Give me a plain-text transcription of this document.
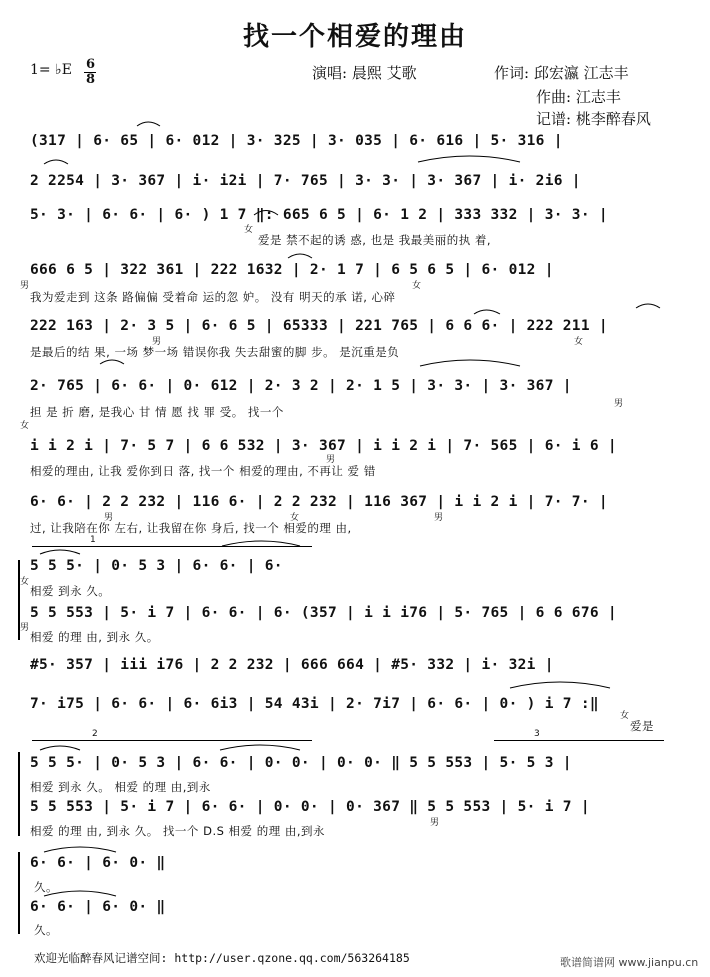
找一个相爱的理由
1= ♭E 6
8	演唱: 晨熙 艾歌	作词: 邱宏瀛 江志丰
作曲: 江志丰
记谱: 桃李醉春风
(317 | 6· 65 | 6· 012 | 3· 325 | 3· 035 | 6· 616 | 5· 316 |
2 2254 | 3· 367 | i· i2i | 7· 765 | 3· 3· | 3· 367 | i· 2i6 |
5· 3· | 6· 6· | 6· ) 1 7 ‖: 665 6 5 | 6· 1 2 | 333 332 | 3· 3· |
爱是 禁不起的诱 惑, 也是 我最美丽的执 着,
女
666 6 5 | 322 361 | 222 1632 | 2· 1 7 | 6 5 6 5 | 6· 012 |
我为爱走到 这条 路偏偏 受着命 运的忽 妒。 没有 明天的承 诺, 心碎
男	女
222 163 | 2· 3 5 | 6· 6 5 | 65333 | 221 765 | 6 6 6· | 222 211 |
是最后的结 果, 一场 梦一场 错误你我 失去甜蜜的脚 步。 是沉重是负
男	女
2· 765 | 6· 6· | 0· 612 | 2· 3 2 | 2· 1 5 | 3· 3· | 3· 367 |
担 是 折 磨, 是我心 甘 情 愿 找 罪 受。 找一个
男
i i 2 i | 7· 5 7 | 6 6 532 | 3· 367 | i i 2 i | 7· 565 | 6· i 6 |
相爱的理由, 让我 爱你到日 落, 找一个 相爱的理由, 不再让 爱 错
女
男
6· 6· | 2 2 232 | 116 6· | 2 2 232 | 116 367 | i i 2 i | 7· 7· |
过, 让我陪在你 左右, 让我留在你 身后, 找一个 相爱的理 由,
男	女	男
1
5 5 5· | 0· 5 3 | 6· 6· | 6·
相爱 到永 久。
女
5 5 553 | 5· i 7 | 6· 6· | 6· (357 | i i i76 | 5· 765 | 6 6 676 |
相爱 的理 由, 到永 久。
男
#5· 357 | iii i76 | 2 2 232 | 666 664 | #5· 332 | i· 32i |
7· i75 | 6· 6· | 6· 6i3 | 54 43i | 2· 7i7 | 6· 6· | 0· ) i 7 :‖
爱是
女
2	3
5 5 5· | 0· 5 3 | 6· 6· | 0· 0· | 0· 0· ‖ 5 5 553 | 5· 5 3 |
相爱 到永 久。 相爱 的理 由,到永
5 5 553 | 5· i 7 | 6· 6· | 0· 0· | 0· 367 ‖ 5 5 553 | 5· i 7 |
相爱 的理 由, 到永 久。 找一个 D.S 相爱 的理 由,到永
男
6· 6· | 6· 0· ‖
久。
6· 6· | 6· 0· ‖
久。
欢迎光临醉春风记谱空间: http://user.qzone.qq.com/563264185	歌谱简谱网 www.jianpu.cn
